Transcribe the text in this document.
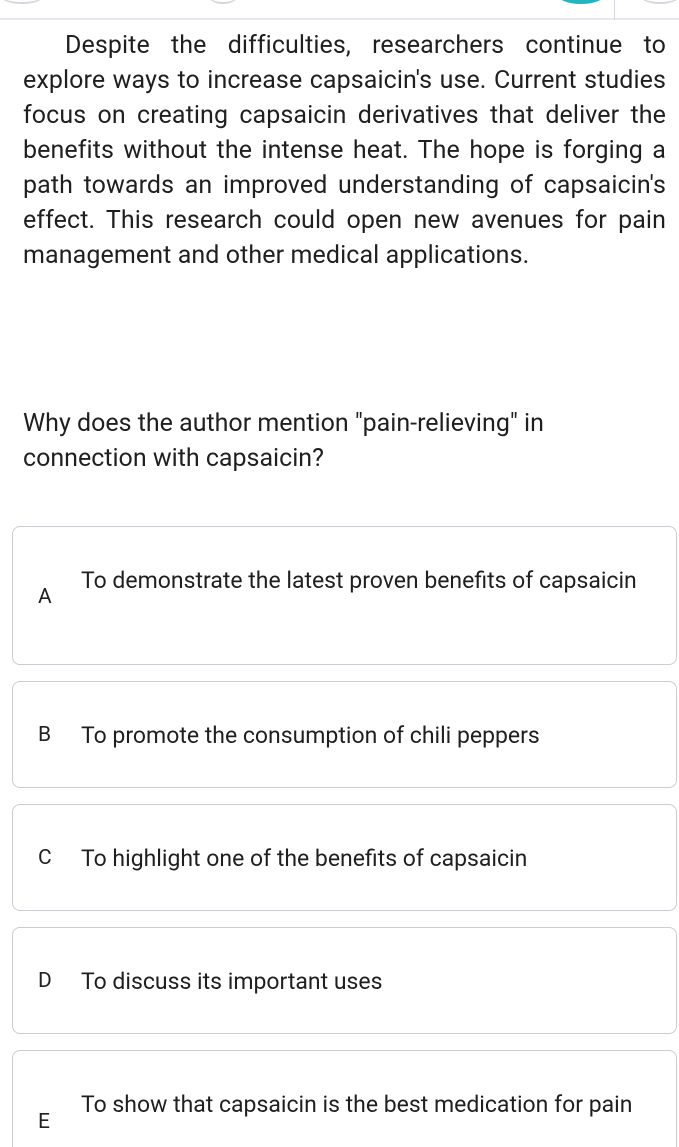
Despite the difficulties, researchers continue to explore ways to increase capsaicin's use. Current studies focus on creating capsaicin derivatives that deliver the benefits without the intense heat. The hope is forging a path towards an improved understanding of capsaicin's effect. This research could open new avenues for pain management and other medical applications.

Why does the author mention "pain-relieving" in connection with capsaicin?

A
To demonstrate the latest proven benefits of capsaicin
B To promote the consumption of chili peppers
C To highlight one of the benefits of capsaicin
D To discuss its important uses
E
To show that capsaicin is the best medication for pain
